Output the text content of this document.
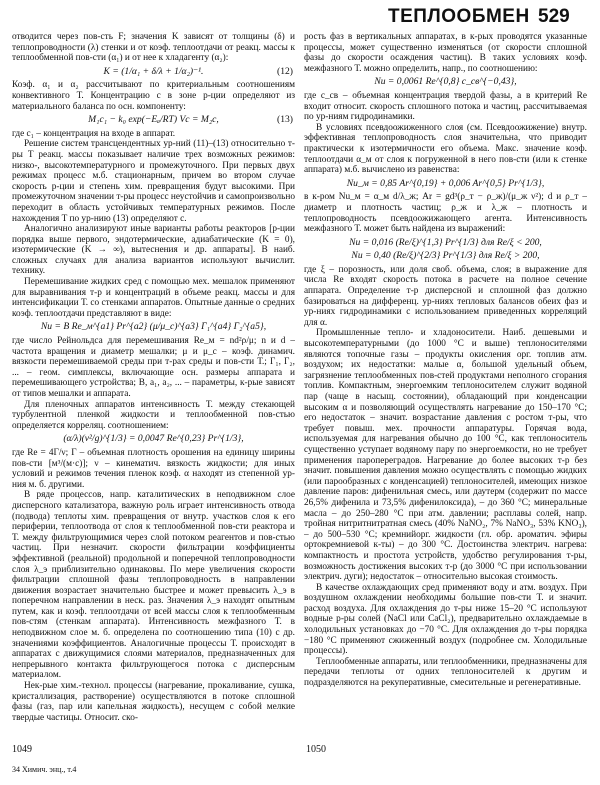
ТЕПЛООБМЕН 529

отводится через пов-сть F; значения K зависят от толщины (δ) и теплопроводности (λ) стенки и от коэф. теплоотдачи от реакц. массы к теплообменной пов-сти (α₁) и от нее к хладагенту (α₂):

K = (1/α₁ + δ/λ + 1/α₂)⁻¹.	(12)

Коэф. α₁ и α₂ рассчитывают по критериальным соотношениям конвективного Т. Концентрацию c в зоне р-ции определяют из материального баланса по осн. компоненту:

M₁c₁ − k₀ exp(−Eₐ/RT) Vc = M₂c,	(13)

где c₁ – концентрация на входе в аппарат.

Решение систем трансцендентных ур-ний (11)–(13) относительно т-ры T реакц. массы показывает наличие трех возможных режимов: низко-, высокотемпературного и промежуточного. При первых двух режимах процесс м.б. стационарным, причем во втором случае скорость р-ции и степень хим. превращения будут высокими. При промежуточном значении т-ры процесс неустойчив и самопроизвольно переходит в область устойчивых температурных режимов. После нахождения T по ур-нию (13) определяют c.

Аналогично анализируют иные варианты работы реакторов [р-ции порядка выше первого, эндотермические, адиабатические (K = 0), изотермические (K → ∞), вытеснения и др. аппараты]. В наиб. сложных случаях для анализа вариантов используют вычислит. технику.

Перемешивание жидких сред с помощью мех. мешалок применяют для выравнивания т-р и концентраций в объеме реакц. массы и для интенсификации Т. со стенками аппаратов. Опытные данные о средних коэф. теплоотдачи представляют в виде:

Nu = B Re_м^{a1} Pr^{a2} (μ/μ_c)^{a3} Γ₁^{a4} Γ₂^{a5},

где число Рейнольдса для перемешивания Re_м = nd²ρ/μ; n и d – частота вращения и диаметр мешалки; μ и μ_c – коэф. динамич. вязкости перемешиваемой среды при т-рах среды и пов-сти Т.; Γ₁, Γ₂, ... – геом. симплексы, включающие осн. размеры аппарата и перемешивающего устройства; B, a₁, a₂, ... – параметры, к-рые зависят от типов мешалки и аппарата.

Для пленочных аппаратов интенсивность Т. между стекающей турбулентной пленкой жидкости и теплообменной пов-стью определяется корреляц. соотношением:

(α/λ)(ν²/g)^{1/3} = 0,0047 Re^{0,23} Pr^{1/3},

где Re = 4Г/ν; Г – объемная плотность орошения на единицу ширины пов-сти [м³/(м·с)]; ν – кинематич. вязкость жидкости; для иных условий и режимов течения пленок коэф. α находят из степенной ур-ния м. б. другими.

В ряде процессов, напр. каталитических в неподвижном слое дисперсного катализатора, важную роль играет интенсивность отвода (подвода) теплоты хим. превращения от внутр. участков слоя к его периферии, теплоотвода от слоя к теплообменной пов-сти реактора и Т. между фильтрующимися через слой потоком реагентов и пов-стью частиц. При незначит. скорости фильтрации коэффициенты эффективной (реальной) продольной и поперечной теплопроводности слоя λ_э приблизительно одинаковы. По мере увеличения скорости фильтрации сплошной фазы теплопроводность в направлении движения возрастает значительно быстрее и может превысить λ_э в поперечном направлении в неск. раз. Значения λ_э находят опытным путем, как и коэф. теплоотдачи от всей массы слоя к теплообменным пов-стям (стенкам аппарата). Интенсивность межфазного Т. в неподвижном слое м. б. определена по соотношению типа (10) с др. значениями коэффициентов. Аналогичные процессы Т. происходят в аппаратах с движущимися слоями материалов, предназначенных для непрерывного контакта фильтрующегося потока с дисперсным материалом.

Нек-рые хим.-технол. процессы (нагревание, прокаливание, сушка, кристаллизация, растворение) осуществляются в потоке сплошной фазы (газ, пар или капельная жидкость), несущем с собой мелкие твердые частицы. Относит. ско-

рость фаз в вертикальных аппаратах, в к-рых проводятся указанные процессы, может существенно изменяться (от скорости сплошной фазы до скорости осаждения частиц). В таких условиях коэф. межфазного Т. можно определить, напр., по соотношению:

Nu = 0,0061 Re^{0,8} c_св^{−0,43},

где c_св – объемная концентрация твердой фазы, а в критерий Re входит относит. скорость сплошного потока и частиц, рассчитываемая по ур-ниям гидродинамики.

В условиях псевдоожиженного слоя (см. Псевдоожижение) внутр. эффективная теплопроводность слоя значительна, что приводит практически к изотермичности его объема. Макс. значение коэф. теплоотдачи α_м от слоя к погруженной в него пов-сти (или к стенке аппарата) м.б. вычислено из равенства:

Nu_м = 0,85 Ar^{0,19} + 0,006 Ar^{0,5} Pr^{1/3},

в к-ром Nu_м = α_м d/λ_ж; Ar = gd³(ρ_т − ρ_ж)/(μ_ж ν²); d и ρ_т – диаметр и плотность частиц; ρ_ж и λ_ж – плотность и теплопроводность псевдоожижающего агента. Интенсивность межфазного Т. может быть найдена из выражений:

Nu = 0,016 (Re/ξ)^{1,3} Pr^{1/3} для Re/ξ < 200,
Nu = 0,40 (Re/ξ)^{2/3} Pr^{1/3} для Re/ξ > 200,

где ξ – порозность, или доля своб. объема, слоя; в выражение для числа Re входят скорость потока в расчете на полное сечение аппарата. Определение т-р дисперсной и сплошной фаз должно базироваться на дифференц. ур-ниях тепловых балансов обеих фаз и ур-ниях гидродинамики с использованием приведенных корреляций для α.

Промышленные тепло- и хладоносители. Наиб. дешевыми и высокотемпературными (до 1000 °С и выше) теплоносителями являются топочные газы – продукты окисления орг. топлив атм. воздухом; их недостатки: малые α, большой удельный объем, загрязнение теплообменных пов-стей продуктами неполного сгорания топлив. Компактным, энергоемким теплоносителем служит водяной пар (чаще в насыщ. состоянии), обладающий при конденсации высоким α и позволяющий осуществлять нагревание до 150–170 °С; его недостаток – значит. возрастание давления с ростом т-ры, что требует повыш. мех. прочности аппаратуры. Горячая вода, используемая для нагревания обычно до 100 °С, как теплоноситель существенно уступает водяному пару по энергоемкости, но не требует применения паропереградов. Нагревание до более высоких т-р без значит. повышения давления можно осуществлять с помощью жидких (или парообразных с конденсацией) теплоносителей, имеющих низкое давление паров: дифенильная смесь, или даутерм (содержит по массе 26,5% дифенила и 73,5% дифенилоксида), – до 360 °С; минеральные масла – до 250–280 °С при атм. давлении; расплавы солей, напр. тройная нитритнитратная смесь (40% NaNO₂, 7% NaNO₃, 53% KNO₃), – до 500–530 °С; кремнийорг. жидкости (гл. обр. ароматич. эфиры ортокремниевой к-ты) – до 300 °С. Достоинства электрич. нагрева: компактность и простота устройств, удобство регулирования т-ры, возможность достижения высоких т-р (до 3000 °С при использовании электрич. дуги); недостаток – относительно высокая стоимость.

В качестве охлаждающих сред применяют воду и атм. воздух. При воздушном охлаждении необходимы большие пов-сти Т. и значит. расход воздуха. Для охлаждения до т-ры ниже 15–20 °С используют водные р-ры солей (NaCl или CaCl₂), предварительно охлаждаемые в холодильных установках до −70 °С. Для охлаждения до т-ры порядка −180 °С применяют сжиженный воздух (подробнее см. Холодильные процессы).

Теплообменные аппараты, или теплообменники, предназначены для передачи теплоты от одних теплоносителей к другим и подразделяются на рекуперативные, смесительные и регенеративные.

1049	1050
34 Химич. энц., т.4
